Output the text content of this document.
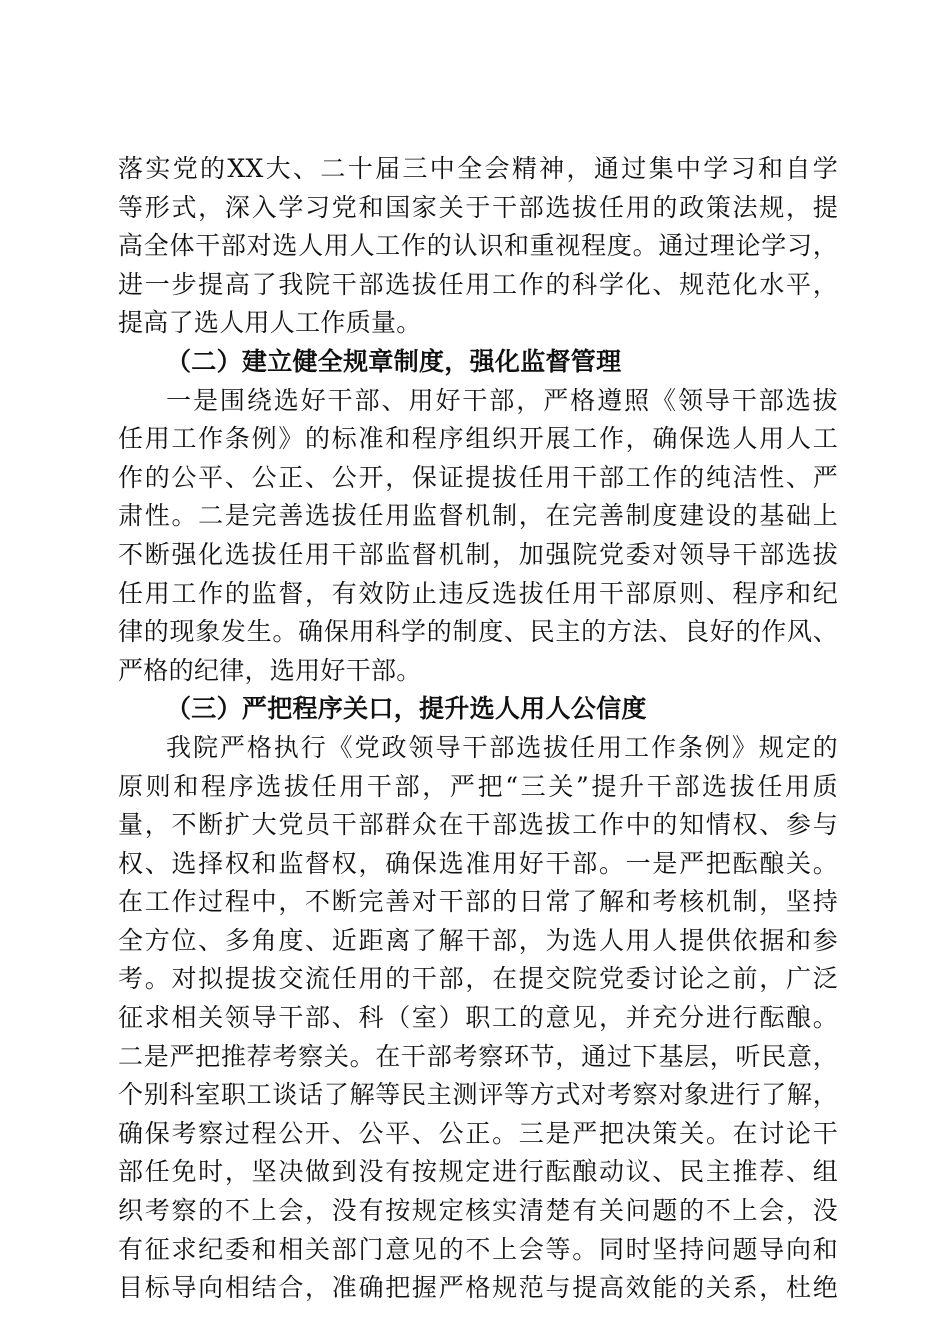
落实党的XX大、二十届三中全会精神，通过集中学习和自学
等形式，深入学习党和国家关于干部选拔任用的政策法规，提
高全体干部对选人用人工作的认识和重视程度。通过理论学习，
进一步提高了我院干部选拔任用工作的科学化、规范化水平，
提高了选人用人工作质量。
（二）建立健全规章制度，强化监督管理
一是围绕选好干部、用好干部，严格遵照《领导干部选拔
任用工作条例》的标准和程序组织开展工作，确保选人用人工
作的公平、公正、公开，保证提拔任用干部工作的纯洁性、严
肃性。二是完善选拔任用监督机制，在完善制度建设的基础上
不断强化选拔任用干部监督机制，加强院党委对领导干部选拔
任用工作的监督，有效防止违反选拔任用干部原则、程序和纪
律的现象发生。确保用科学的制度、民主的方法、良好的作风、
严格的纪律，选用好干部。
（三）严把程序关口，提升选人用人公信度
我院严格执行《党政领导干部选拔任用工作条例》规定的
原则和程序选拔任用干部，严把“三关”提升干部选拔任用质
量，不断扩大党员干部群众在干部选拔工作中的知情权、参与
权、选择权和监督权，确保选准用好干部。一是严把酝酿关。
在工作过程中，不断完善对干部的日常了解和考核机制，坚持
全方位、多角度、近距离了解干部，为选人用人提供依据和参
考。对拟提拔交流任用的干部，在提交院党委讨论之前，广泛
征求相关领导干部、科（室）职工的意见，并充分进行酝酿。
二是严把推荐考察关。在干部考察环节，通过下基层，听民意，
个别科室职工谈话了解等民主测评等方式对考察对象进行了解，
确保考察过程公开、公平、公正。三是严把决策关。在讨论干
部任免时，坚决做到没有按规定进行酝酿动议、民主推荐、组
织考察的不上会，没有按规定核实清楚有关问题的不上会，没
有征求纪委和相关部门意见的不上会等。同时坚持问题导向和
目标导向相结合，准确把握严格规范与提高效能的关系，杜绝
